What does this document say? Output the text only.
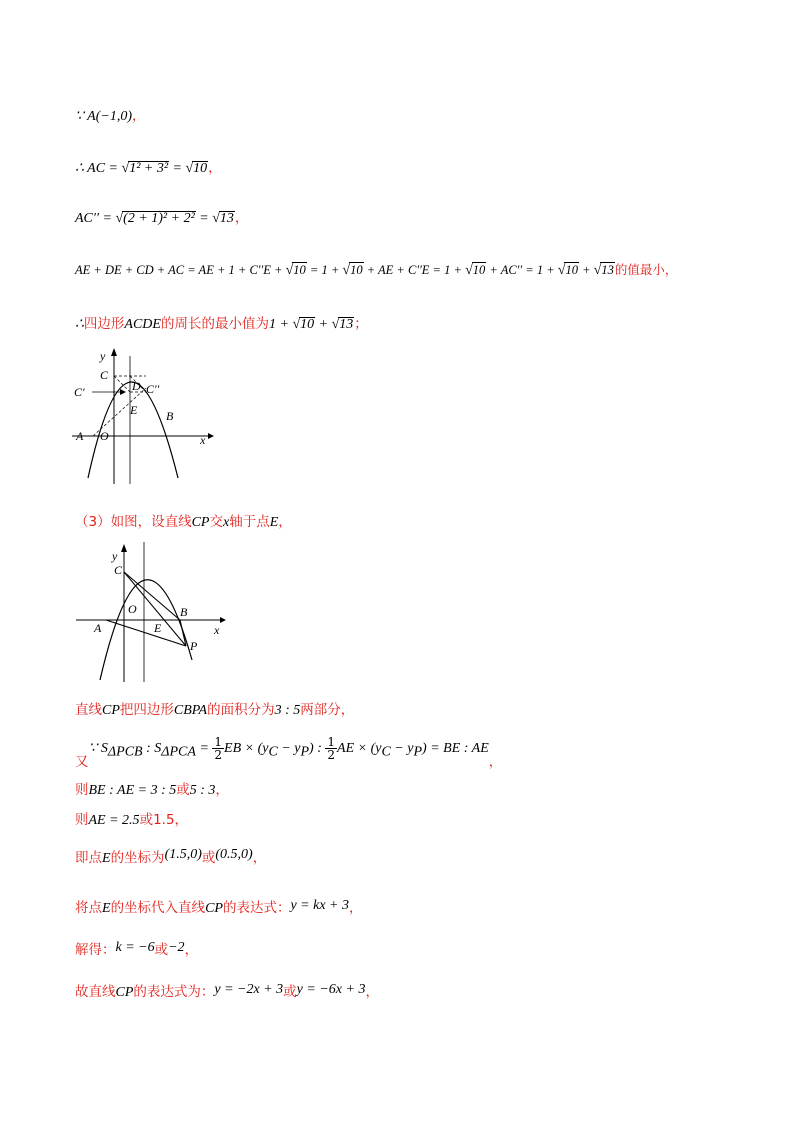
∵ A(−1,0)，
∴ AC = √1² + 3² = √10，
AC′′ = √(2 + 1)² + 2² = √13，
AE + DE + CD + AC = AE + 1 + C′′E + √10 = 1 + √10 + AE + C′′E = 1 + √10 + AC′′ = 1 + √10 + √13的值最小，
∴四边形ACDE的周长的最小值为1 + √10 + √13；
y
C
C′	D C′′
E B
A O	x
（3）如图，设直线CP交x轴于点E，
y
C
O	B
A	E
P
x
直线CP把四边形CBPA的面积分为3 : 5两部分，
又∵ $S_{\Delta PCB}$ : $S_{\Delta PCA} = \frac{1}{2}$ EB × $(y_C - y_P)$ : $\frac{1}{2}$ AE × $(y_C - y_P)$ = BE : AE，
则BE : AE = 3 : 5或5 : 3，
则AE = 2.5或1.5，
即点E的坐标为(1.5,0)或(0.5,0)，
将点E的坐标代入直线CP的表达式：y = kx + 3，
解得：k = −6或−2，
故直线CP的表达式为：y = −2x + 3或y = −6x + 3，
